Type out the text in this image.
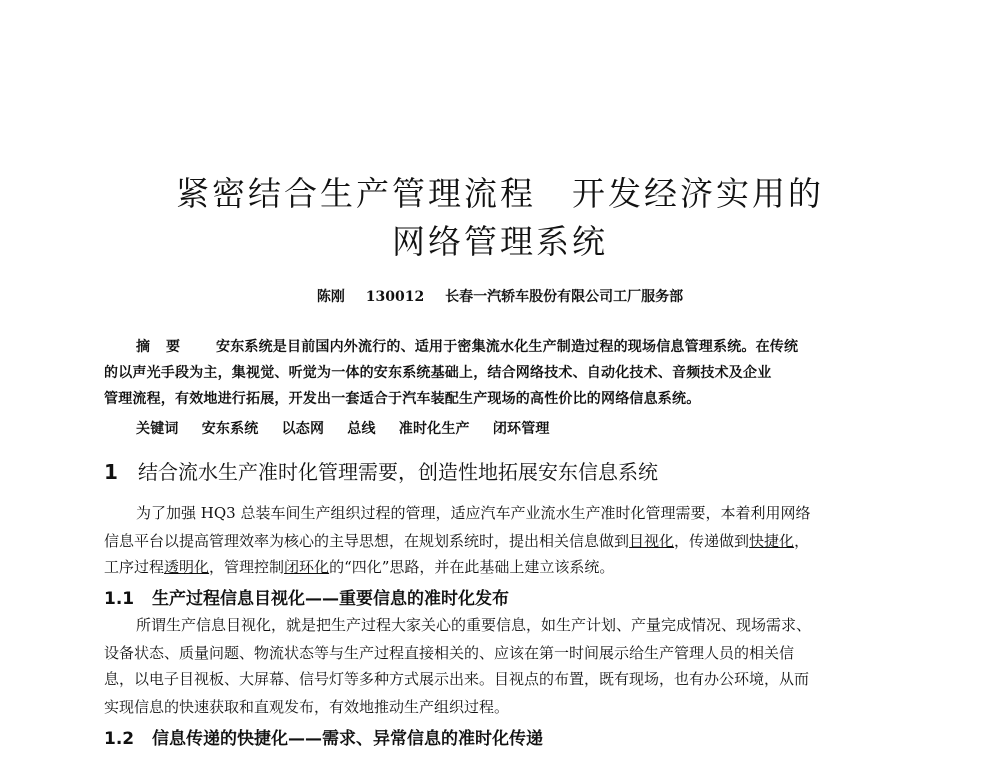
紧密结合生产管理流程　开发经济实用的
网络管理系统
陈刚 130012 长春一汽轿车股份有限公司工厂服务部
摘要 安东系统是目前国内外流行的、适用于密集流水化生产制造过程的现场信息管理系统。在传统
的以声光手段为主，集视觉、听觉为一体的安东系统基础上，结合网络技术、自动化技术、音频技术及企业
管理流程，有效地进行拓展，开发出一套适合于汽车装配生产现场的高性价比的网络信息系统。
关键词 安东系统 以态网 总线 准时化生产 闭环管理
1 结合流水生产准时化管理需要，创造性地拓展安东信息系统
为了加强 HQ3 总装车间生产组织过程的管理，适应汽车产业流水生产准时化管理需要，本着利用网络
信息平台以提高管理效率为核心的主导思想，在规划系统时，提出相关信息做到目视化，传递做到快捷化，
工序过程透明化，管理控制闭环化的“四化”思路，并在此基础上建立该系统。
1.1 生产过程信息目视化——重要信息的准时化发布
所谓生产信息目视化，就是把生产过程大家关心的重要信息，如生产计划、产量完成情况、现场需求、
设备状态、质量问题、物流状态等与生产过程直接相关的、应该在第一时间展示给生产管理人员的相关信
息，以电子目视板、大屏幕、信号灯等多种方式展示出来。目视点的布置，既有现场，也有办公环境，从而
实现信息的快速获取和直观发布，有效地推动生产组织过程。
1.2 信息传递的快捷化——需求、异常信息的准时化传递
